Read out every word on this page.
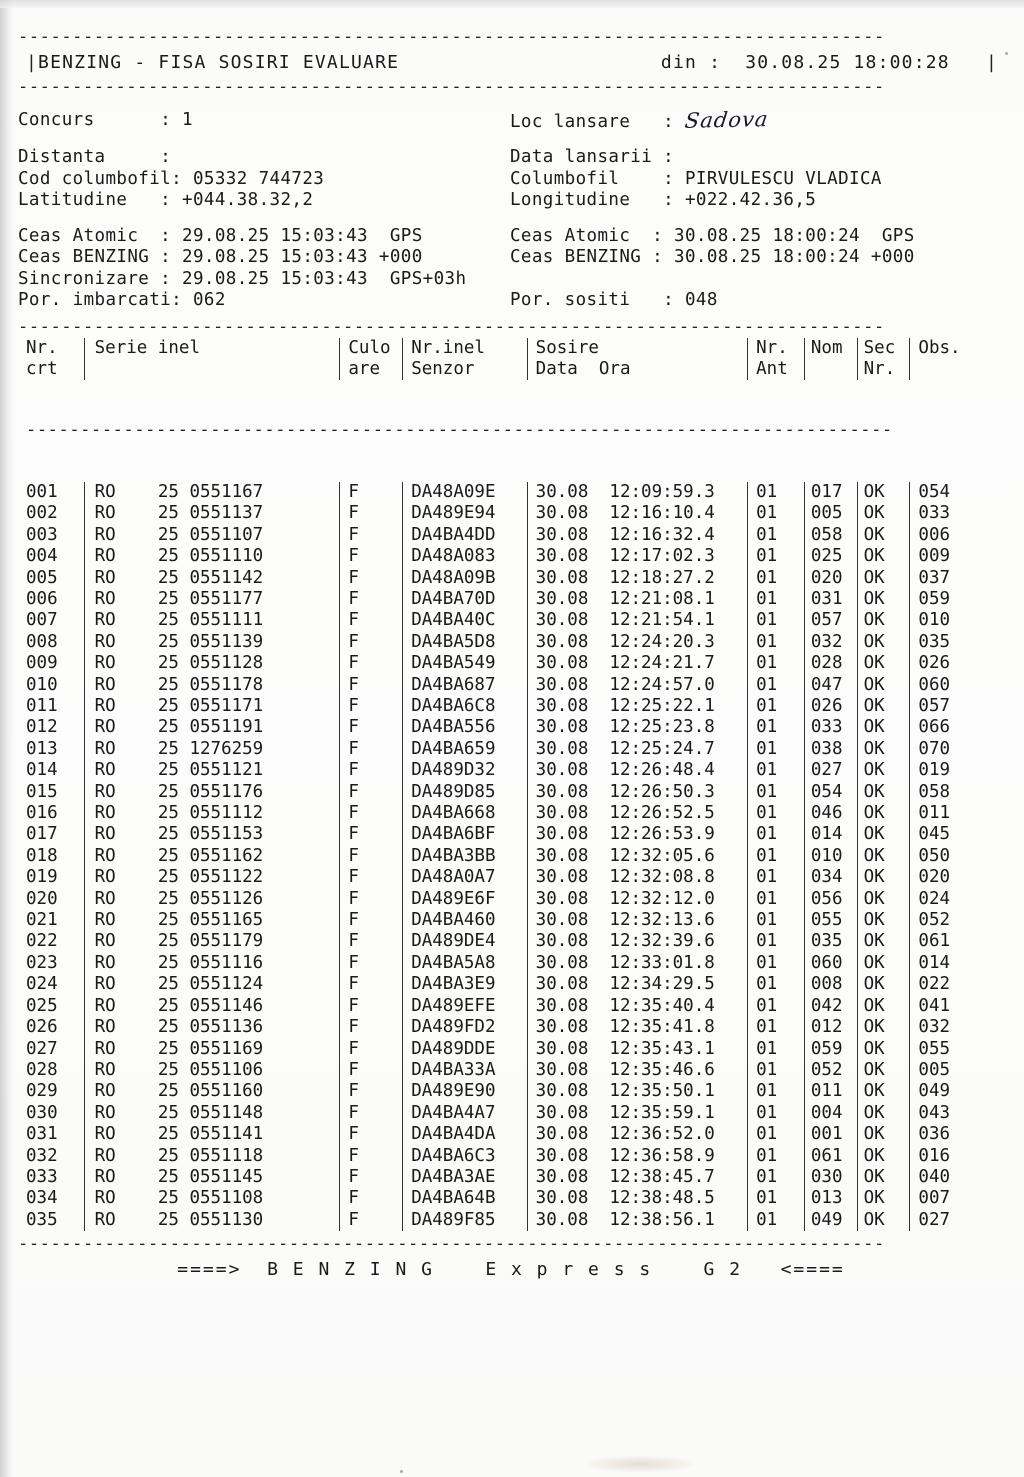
--------------------------------------------------------------------------------
|BENZING - FISA SOSIRI EVALUARE	din : 30.08.25 18:00:28 |
--------------------------------------------------------------------------------
Concurs	: 1	Loc lansare : Sadova
Distanta	:
Cod columbofil: 05332 744723
Latitudine : +044.38.32,2
Data lansarii :
Columbofil	: PIRVULESCU VLADICA
Longitudine : +022.42.36,5
Ceas Atomic : 29.08.25 15:03:43 GPS
Ceas BENZING : 29.08.25 15:03:43 +000
Sincronizare : 29.08.25 15:03:43 GPS+03h
Por. imbarcati: 062
Ceas Atomic : 30.08.25 18:00:24 GPS
Ceas BENZING : 30.08.25 18:00:24 +000

Por. sositi : 048
--------------------------------------------------------------------------------
Nr.	Serie inel	Culo	Nr.inel	Sosire	Nr.	Nom	Sec	Obs.
crt		are	Senzor	Data  Ora	Ant		Nr.	

--------------------------------------------------------------------------------								

001	RO    25 0551167	F	DA48A09E	30.08  12:09:59.3	01	017	OK	054
002	RO    25 0551137	F	DA489E94	30.08  12:16:10.4	01	005	OK	033
003	RO    25 0551107	F	DA4BA4DD	30.08  12:16:32.4	01	058	OK	006
004	RO    25 0551110	F	DA48A083	30.08  12:17:02.3	01	025	OK	009
005	RO    25 0551142	F	DA48A09B	30.08  12:18:27.2	01	020	OK	037
006	RO    25 0551177	F	DA4BA70D	30.08  12:21:08.1	01	031	OK	059
007	RO    25 0551111	F	DA4BA40C	30.08  12:21:54.1	01	057	OK	010
008	RO    25 0551139	F	DA4BA5D8	30.08  12:24:20.3	01	032	OK	035
009	RO    25 0551128	F	DA4BA549	30.08  12:24:21.7	01	028	OK	026
010	RO    25 0551178	F	DA4BA687	30.08  12:24:57.0	01	047	OK	060
011	RO    25 0551171	F	DA4BA6C8	30.08  12:25:22.1	01	026	OK	057
012	RO    25 0551191	F	DA4BA556	30.08  12:25:23.8	01	033	OK	066
013	RO    25 1276259	F	DA4BA659	30.08  12:25:24.7	01	038	OK	070
014	RO    25 0551121	F	DA489D32	30.08  12:26:48.4	01	027	OK	019
015	RO    25 0551176	F	DA489D85	30.08  12:26:50.3	01	054	OK	058
016	RO    25 0551112	F	DA4BA668	30.08  12:26:52.5	01	046	OK	011
017	RO    25 0551153	F	DA4BA6BF	30.08  12:26:53.9	01	014	OK	045
018	RO    25 0551162	F	DA4BA3BB	30.08  12:32:05.6	01	010	OK	050
019	RO    25 0551122	F	DA48A0A7	30.08  12:32:08.8	01	034	OK	020
020	RO    25 0551126	F	DA489E6F	30.08  12:32:12.0	01	056	OK	024
021	RO    25 0551165	F	DA4BA460	30.08  12:32:13.6	01	055	OK	052
022	RO    25 0551179	F	DA489DE4	30.08  12:32:39.6	01	035	OK	061
023	RO    25 0551116	F	DA4BA5A8	30.08  12:33:01.8	01	060	OK	014
024	RO    25 0551124	F	DA4BA3E9	30.08  12:34:29.5	01	008	OK	022
025	RO    25 0551146	F	DA489EFE	30.08  12:35:40.4	01	042	OK	041
026	RO    25 0551136	F	DA489FD2	30.08  12:35:41.8	01	012	OK	032
027	RO    25 0551169	F	DA489DDE	30.08  12:35:43.1	01	059	OK	055
028	RO    25 0551106	F	DA4BA33A	30.08  12:35:46.6	01	052	OK	005
029	RO    25 0551160	F	DA489E90	30.08  12:35:50.1	01	011	OK	049
030	RO    25 0551148	F	DA4BA4A7	30.08  12:35:59.1	01	004	OK	043
031	RO    25 0551141	F	DA4BA4DA	30.08  12:36:52.0	01	001	OK	036
032	RO    25 0551118	F	DA4BA6C3	30.08  12:36:58.9	01	061	OK	016
033	RO    25 0551145	F	DA4BA3AE	30.08  12:38:45.7	01	030	OK	040
034	RO    25 0551108	F	DA4BA64B	30.08  12:38:48.5	01	013	OK	007
035	RO    25 0551130	F	DA489F85	30.08  12:38:56.1	01	049	OK	027
--------------------------------------------------------------------------------
====>  B E N Z I N G    E x p r e s s    G 2   <====
